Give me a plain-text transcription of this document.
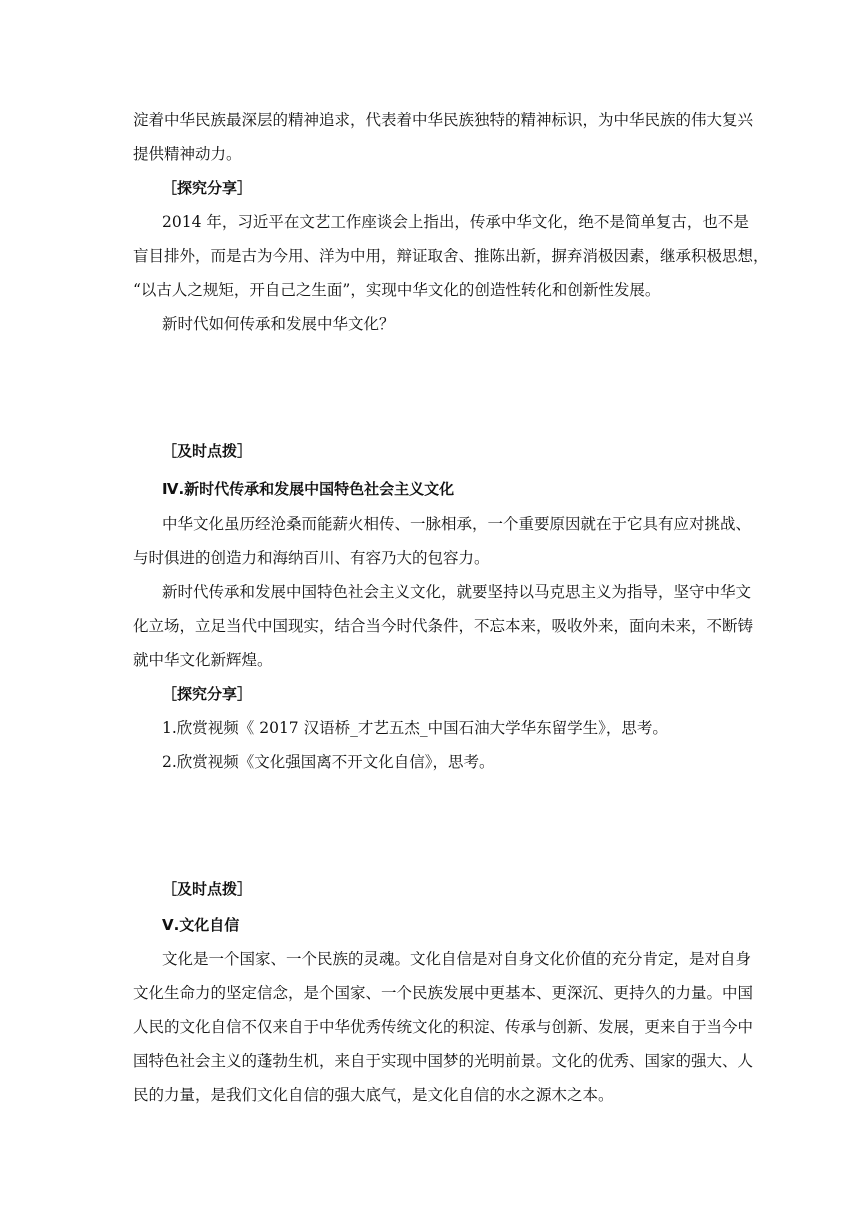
淀着中华民族最深层的精神追求，代表着中华民族独特的精神标识，为中华民族的伟大复兴
提供精神动力。
［探究分享］
2014 年，习近平在文艺工作座谈会上指出，传承中华文化，绝不是简单复古，也不是
盲目排外，而是古为今用、洋为中用，辩证取舍、推陈出新，摒弃消极因素，继承积极思想，
“以古人之规矩，开自己之生面”，实现中华文化的创造性转化和创新性发展。
新时代如何传承和发展中华文化？
［及时点拨］
Ⅳ.新时代传承和发展中国特色社会主义文化
中华文化虽历经沧桑而能薪火相传、一脉相承，一个重要原因就在于它具有应对挑战、
与时俱进的创造力和海纳百川、有容乃大的包容力。
新时代传承和发展中国特色社会主义文化，就要坚持以马克思主义为指导，坚守中华文
化立场，立足当代中国现实，结合当今时代条件，不忘本来，吸收外来，面向未来，不断铸
就中华文化新辉煌。
［探究分享］
1.欣赏视频《 2017 汉语桥_才艺五杰_中国石油大学华东留学生》，思考。
2.欣赏视频《文化强国离不开文化自信》，思考。
［及时点拨］
Ⅴ.文化自信
文化是一个国家、一个民族的灵魂。文化自信是对自身文化价值的充分肯定，是对自身
文化生命力的坚定信念，是个国家、一个民族发展中更基本、更深沉、更持久的力量。中国
人民的文化自信不仅来自于中华优秀传统文化的积淀、传承与创新、发展，更来自于当今中
国特色社会主义的蓬勃生机，来自于实现中国梦的光明前景。文化的优秀、国家的强大、人
民的力量，是我们文化自信的强大底气，是文化自信的水之源木之本。
